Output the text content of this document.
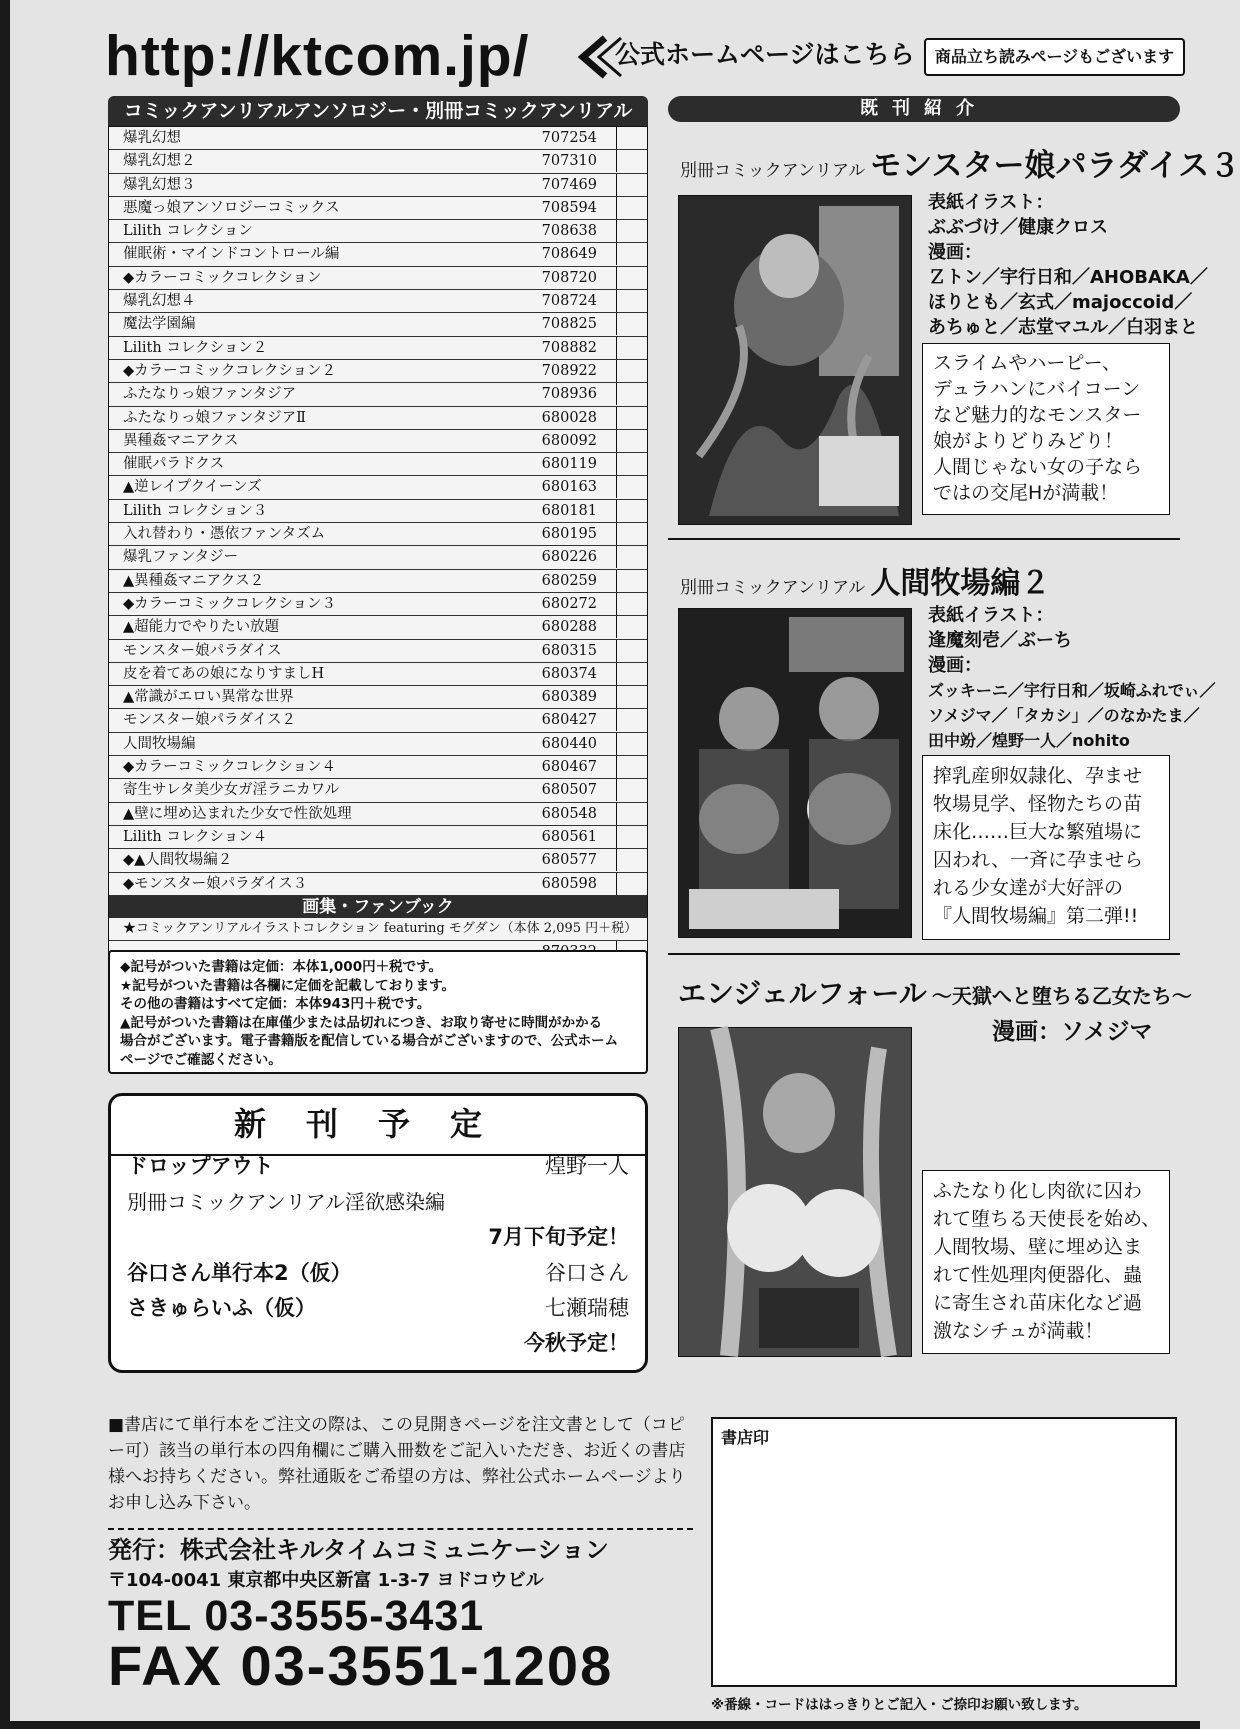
http://ktcom.jp/	公式ホームページはこちら	商品立ち読みページもございます
コミックアンリアルアンソロジー・別冊コミックアンリアル
爆乳幻想	707254
爆乳幻想２	707310
爆乳幻想３	707469
悪魔っ娘アンソロジーコミックス	708594
Lilith コレクション	708638
催眠術・マインドコントロール編	708649
◆カラーコミックコレクション	708720
爆乳幻想４	708724
魔法学園編	708825
Lilith コレクション２	708882
◆カラーコミックコレクション２	708922
ふたなりっ娘ファンタジア	708936
ふたなりっ娘ファンタジアⅡ	680028
異種姦マニアクス	680092
催眠パラドクス	680119
▲逆レイプクイーンズ	680163
Lilith コレクション３	680181
入れ替わり・憑依ファンタズム	680195
爆乳ファンタジー	680226
▲異種姦マニアクス２	680259
◆カラーコミックコレクション３	680272
▲超能力でやりたい放題	680288
モンスター娘パラダイス	680315
皮を着てあの娘になりすましH	680374
▲常識がエロい異常な世界	680389
モンスター娘パラダイス２	680427
人間牧場編	680440
◆カラーコミックコレクション４	680467
寄生サレタ美少女ガ淫ラニカワル	680507
▲壁に埋め込まれた少女で性欲処理	680548
Lilith コレクション４	680561
◆▲人間牧場編２	680577
◆モンスター娘パラダイス３	680598
画集・ファンブック
★コミックアンリアルイラストコレクション featuring モグダン（本体 2,095 円＋税）
◆記号がついた書籍は定価：本体1,000円＋税です。
★記号がついた書籍は各欄に定価を記載しております。
その他の書籍はすべて定価：本体943円＋税です。
▲記号がついた書籍は在庫僅少または品切れにつき、お取り寄せに時間がかかる
場合がございます。電子書籍版を配信している場合がございますので、公式ホーム
ページでご確認ください。
新刊予定
ドロップアウト	煌野一人
別冊コミックアンリアル淫欲感染編
7月下旬予定！
谷口さん単行本2（仮）	谷口さん
さきゅらいふ（仮）	七瀬瑞穂
今秋予定！
■書店にて単行本をご注文の際は、この見開きページを注文書として（コピー可）該当の単行本の四角欄にご購入冊数をご記入いただき、お近くの書店様へお持ちください。弊社通販をご希望の方は、弊社公式ホームページよりお申し込み下さい。
発行：株式会社キルタイムコミュニケーション
〒104-0041 東京都中央区新富 1-3-7 ヨドコウビル
TEL 03-3555-3431
FAX 03-3551-1208
書店印
※番線・コードははっきりとご記入・ご捺印お願い致します。
既刊紹介
別冊コミックアンリアル モンスター娘パラダイス３
表紙イラスト：
ぶぶづけ／健康クロス
漫画：
Ｚトン／宇行日和／AHOBAKA／
ほりとも／玄式／majoccoid／
あちゅと／志堂マユル／白羽まと
スライムやハーピー、
デュラハンにバイコーン
など魅力的なモンスター
娘がよりどりみどり！
人間じゃない女の子なら
ではの交尾Hが満載！
別冊コミックアンリアル 人間牧場編２
表紙イラスト：
逢魔刻壱／ぶーち
漫画：
ズッキーニ／宇行日和／坂崎ふれでぃ／
ソメジマ／「タカシ」／のなかたま／
田中竕／煌野一人／nohito
搾乳産卵奴隷化、孕ませ
牧場見学、怪物たちの苗
床化……巨大な繁殖場に
囚われ、一斉に孕ませら
れる少女達が大好評の
『人間牧場編』第二弾!!
エンジェルフォール ～天獄へと堕ちる乙女たち～
漫画：ソメジマ
ふたなり化し肉欲に囚わ
れて堕ちる天使長を始め、
人間牧場、壁に埋め込ま
れて性処理肉便器化、蟲
に寄生され苗床化など過
激なシチュが満載！
